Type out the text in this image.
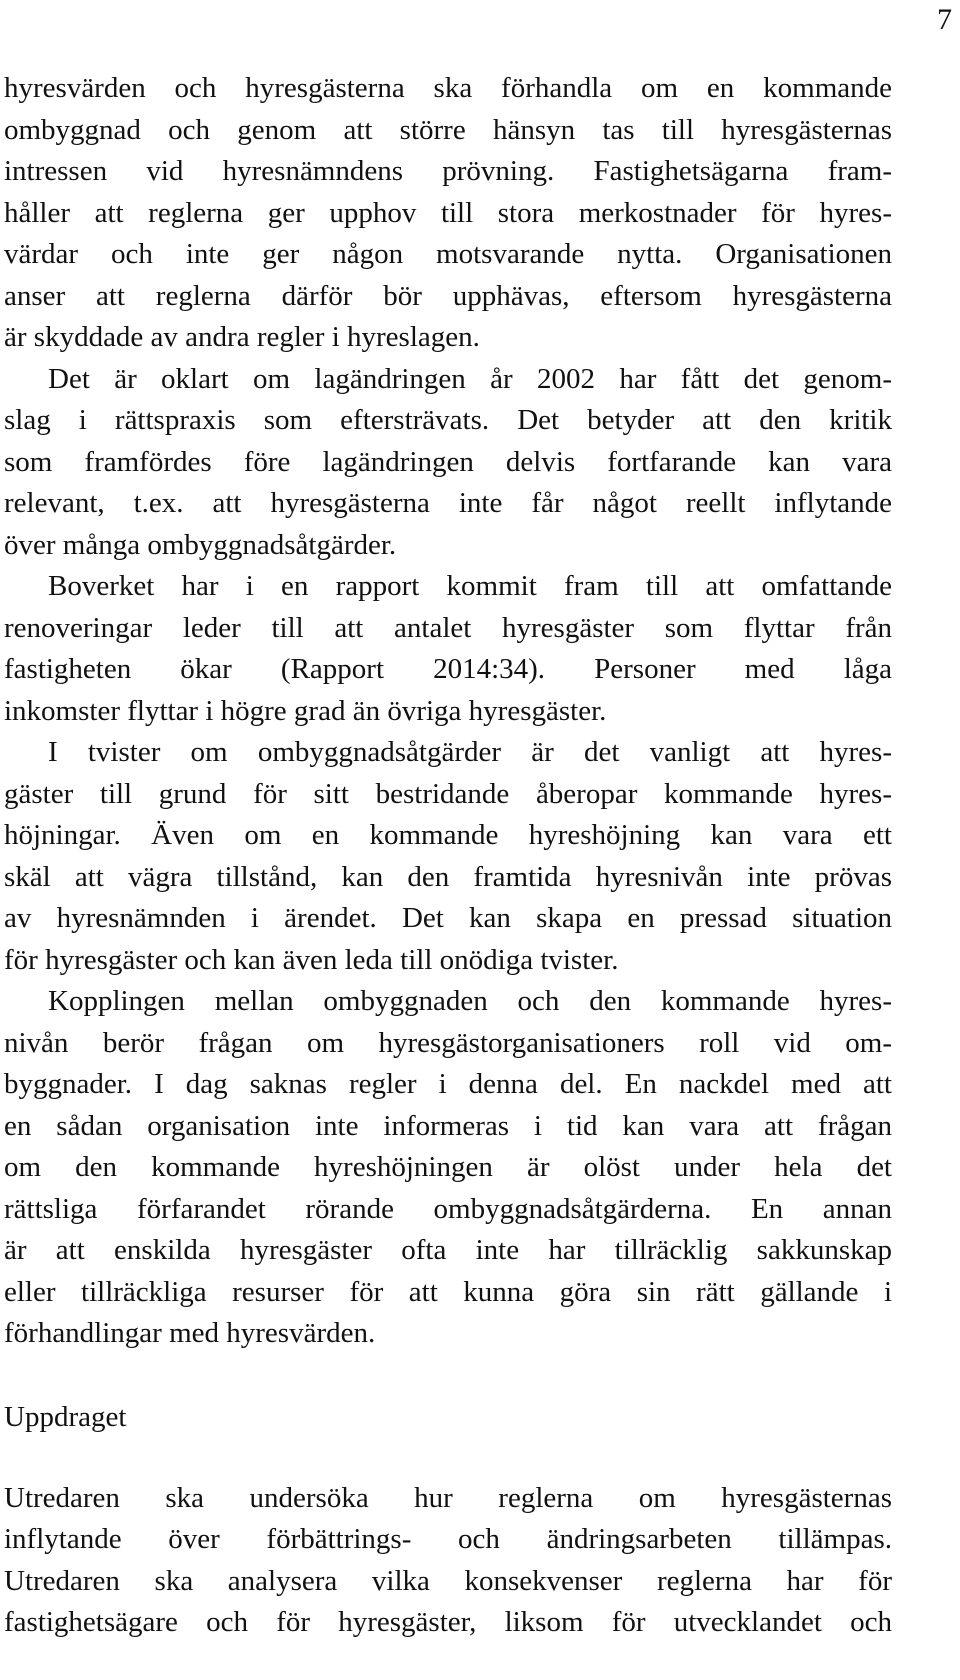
7
hyresvärden och hyresgästerna ska förhandla om en kommande
ombyggnad och genom att större hänsyn tas till hyresgästernas
intressen vid hyresnämndens prövning. Fastighetsägarna fram-
håller att reglerna ger upphov till stora merkostnader för hyres-
värdar och inte ger någon motsvarande nytta. Organisationen
anser att reglerna därför bör upphävas, eftersom hyresgästerna
är skyddade av andra regler i hyreslagen.
Det är oklart om lagändringen år 2002 har fått det genom-
slag i rättspraxis som eftersträvats. Det betyder att den kritik
som framfördes före lagändringen delvis fortfarande kan vara
relevant, t.ex. att hyresgästerna inte får något reellt inflytande
över många ombyggnadsåtgärder.
Boverket har i en rapport kommit fram till att omfattande
renoveringar leder till att antalet hyresgäster som flyttar från
fastigheten ökar (Rapport 2014:34). Personer med låga
inkomster flyttar i högre grad än övriga hyresgäster.
I tvister om ombyggnadsåtgärder är det vanligt att hyres-
gäster till grund för sitt bestridande åberopar kommande hyres-
höjningar. Även om en kommande hyreshöjning kan vara ett
skäl att vägra tillstånd, kan den framtida hyresnivån inte prövas
av hyresnämnden i ärendet. Det kan skapa en pressad situation
för hyresgäster och kan även leda till onödiga tvister.
Kopplingen mellan ombyggnaden och den kommande hyres-
nivån berör frågan om hyresgästorganisationers roll vid om-
byggnader. I dag saknas regler i denna del. En nackdel med att
en sådan organisation inte informeras i tid kan vara att frågan
om den kommande hyreshöjningen är olöst under hela det
rättsliga förfarandet rörande ombyggnadsåtgärderna. En annan
är att enskilda hyresgäster ofta inte har tillräcklig sakkunskap
eller tillräckliga resurser för att kunna göra sin rätt gällande i
förhandlingar med hyresvärden.
Uppdraget
Utredaren ska undersöka hur reglerna om hyresgästernas
inflytande över förbättrings- och ändringsarbeten tillämpas.
Utredaren ska analysera vilka konsekvenser reglerna har för
fastighetsägare och för hyresgäster, liksom för utvecklandet och
